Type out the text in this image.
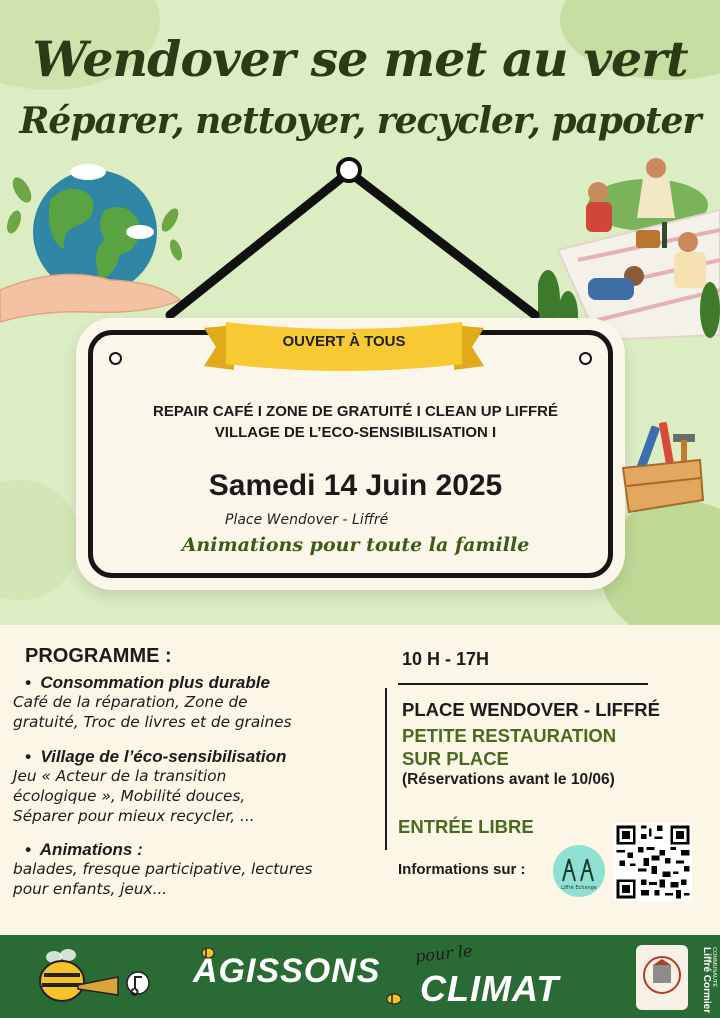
Wendover se met au vert
Réparer, nettoyer, recycler, papoter
OUVERT À TOUS
REPAIR CAFÉ I ZONE DE GRATUITÉ I CLEAN UP LIFFRÉ
VILLAGE DE L’ECO-SENSIBILISATION I
Samedi 14 Juin 2025
Place Wendover - Liffré
Animations pour toute la famille
PROGRAMME :
•  Consommation plus durable
Café de la réparation, Zone de
gratuité, Troc de livres et de graines
•  Village de l’éco-sensibilisation
Jeu « Acteur de la transition
écologique », Mobilité douces,
Séparer pour mieux recycler, ...
•  Animations :
balades, fresque participative, lectures
pour enfants, jeux...
10 H - 17H
PLACE WENDOVER - LIFFRÉ
PETITE RESTAURATION
SUR PLACE
(Réservations avant le 10/06)
ENTRÉE LIBRE
Informations sur :
Liffré Echange
AGISSONS pour le
CLIMAT	Liffré Cormier COMMUNAUTÉ
